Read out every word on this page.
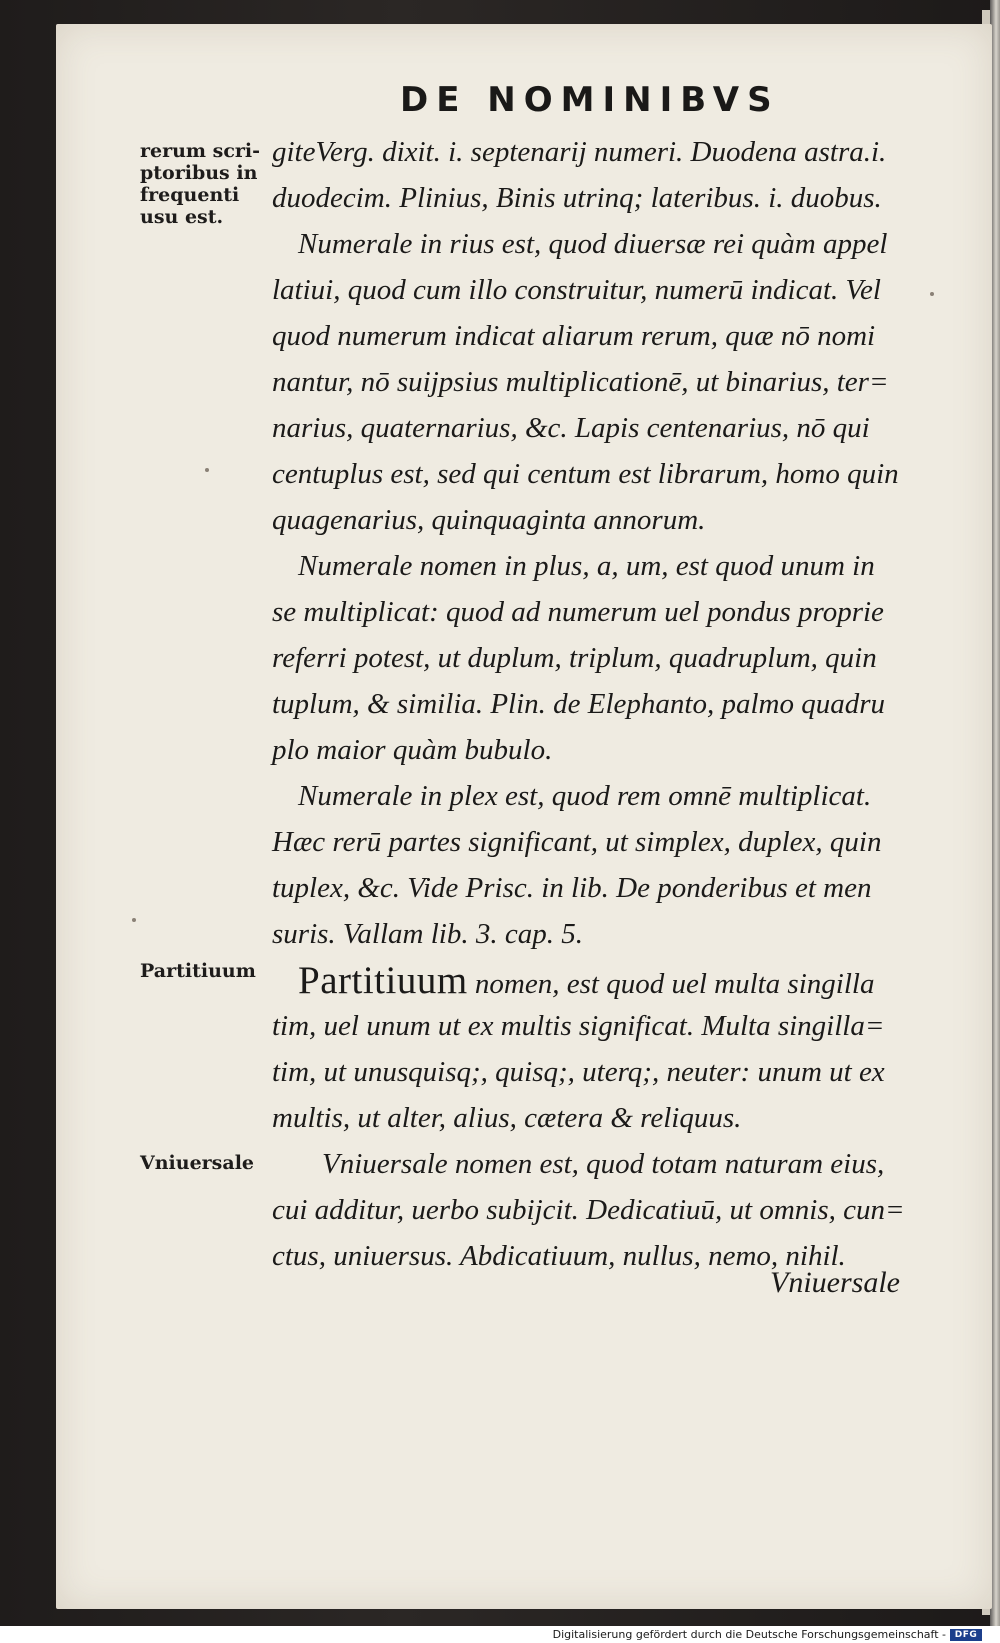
DE NOMINIBVS
rerum scri-
ptoribus in
frequenti
usu est.
Partitiuum
Vniuersale
giteVerg. dixit. i. septenarij numeri. Duodena astra.i.
duodecim. Plinius, Binis utrinq; lateribus. i. duobus.
Numerale in rius est, quod diuersæ rei quàm appel
latiui, quod cum illo construitur, numerū indicat. Vel
quod numerum indicat aliarum rerum, quæ nō nomi
nantur, nō suijpsius multiplicationē, ut binarius, ter=
narius, quaternarius, &c. Lapis centenarius, nō qui
centuplus est, sed qui centum est librarum, homo quin
quagenarius, quinquaginta annorum.
Numerale nomen in plus, a, um, est quod unum in
se multiplicat: quod ad numerum uel pondus proprie
referri potest, ut duplum, triplum, quadruplum, quin
tuplum, & similia. Plin. de Elephanto, palmo quadru
plo maior quàm bubulo.
Numerale in plex est, quod rem omnē multiplicat.
Hæc rerū partes significant, ut simplex, duplex, quin
tuplex, &c. Vide Prisc. in lib. De ponderibus et men
suris. Vallam lib. 3. cap. 5.
Partitiuum nomen, est quod uel multa singilla
tim, uel unum ut ex multis significat. Multa singilla=
tim, ut unusquisq;, quisq;, uterq;, neuter: unum ut ex
multis, ut alter, alius, cætera & reliquus.
Vniuersale nomen est, quod totam naturam eius,
cui additur, uerbo subijcit. Dedicatiuū, ut omnis, cun=
ctus, uniuersus. Abdicatiuum, nullus, nemo, nihil.
Vniuersale
Digitalisierung gefördert durch die Deutsche Forschungsgemeinschaft - DFG
